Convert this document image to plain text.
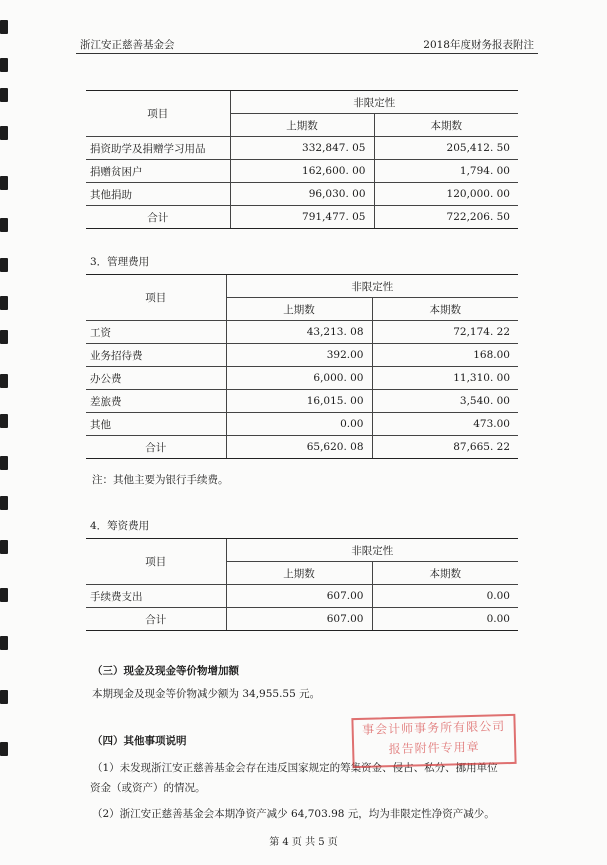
浙江安正慈善基金会	2018年度财务报表附注
项目	非限定性	
	上期数	本期数
捐资助学及捐赠学习用品	332,847. 05	205,412. 50
捐赠贫困户	162,600. 00	1,794. 00
其他捐助	96,030. 00	120,000. 00
合计	791,477. 05	722,206. 50
3．管理费用
项目	非限定性	
	上期数	本期数
工资	43,213. 08	72,174. 22
业务招待费	392.00	168.00
办公费	6,000. 00	11,310. 00
差旅费	16,015. 00	3,540. 00
其他	0.00	473.00
合计	65,620. 08	87,665. 22
注：其他主要为银行手续费。
4．筹资费用
项目	非限定性	
	上期数	本期数
手续费支出	607.00	0.00
合计	607.00	0.00
（三）现金及现金等价物增加额
本期现金及现金等价物减少额为 34,955.55 元。
（四）其他事项说明
（1）未发现浙江安正慈善基金会存在违反国家规定的筹集资金、侵占、私分、挪用单位
资金（或资产）的情况。
（2）浙江安正慈善基金会本期净资产减少 64,703.98 元，均为非限定性净资产减少。
事会计师事务所有限公司
报告附件专用章
第 4 页 共 5 页
